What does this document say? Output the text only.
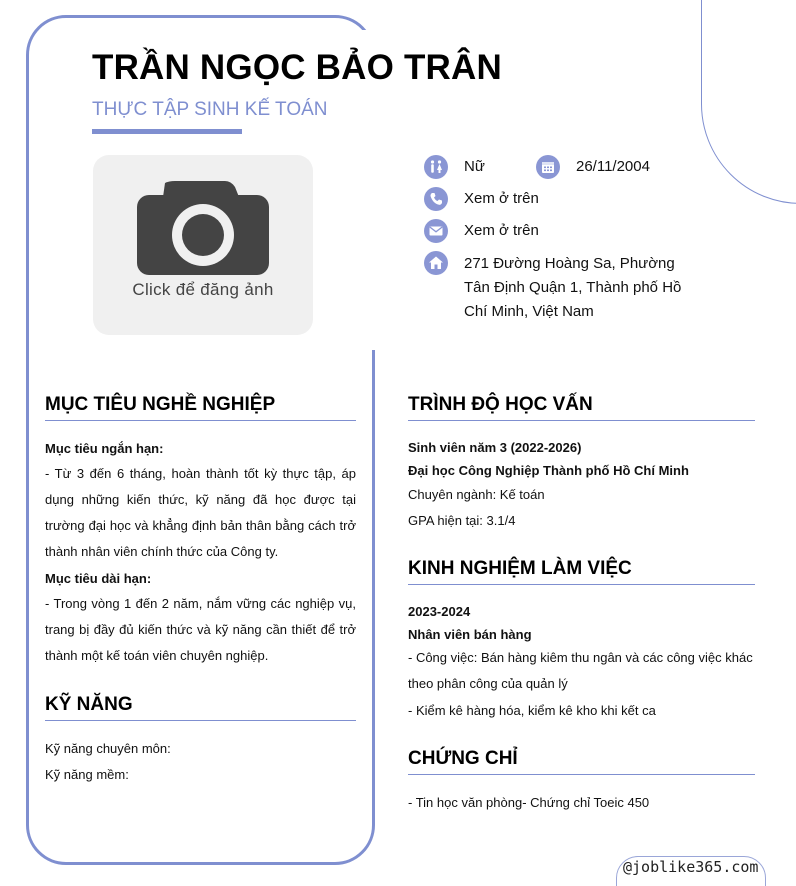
TRẦN NGỌC BẢO TRÂN
THỰC TẬP SINH KẾ TOÁN
Click để đăng ảnh
Nữ	26/11/2004
Xem ở trên
Xem ở trên
271 Đường Hoàng Sa, Phường Tân Định Quận 1, Thành phố Hồ Chí Minh, Việt Nam
MỤC TIÊU NGHỀ NGHIỆP
Mục tiêu ngắn hạn:
- Từ 3 đến 6 tháng, hoàn thành tốt kỳ thực tập, áp dụng những kiến thức, kỹ năng đã học được tại trường đại học và khẳng định bản thân bằng cách trở thành nhân viên chính thức của Công ty.
Mục tiêu dài hạn:
- Trong vòng 1 đến 2 năm, nắm vững các nghiệp vụ, trang bị đầy đủ kiến thức và kỹ năng cần thiết để trở thành một kế toán viên chuyên nghiệp.
KỸ NĂNG
Kỹ năng chuyên môn:
Kỹ năng mềm:
TRÌNH ĐỘ HỌC VẤN
Sinh viên năm 3 (2022-2026)
Đại học Công Nghiệp Thành phố Hồ Chí Minh
Chuyên ngành: Kế toán
GPA hiện tại: 3.1/4
KINH NGHIỆM LÀM VIỆC
2023-2024
Nhân viên bán hàng
- Công việc: Bán hàng kiêm thu ngân và các công việc khác theo phân công của quản lý
- Kiểm kê hàng hóa, kiểm kê kho khi kết ca
CHỨNG CHỈ
- Tin học văn phòng- Chứng chỉ Toeic 450
@joblike365.com
